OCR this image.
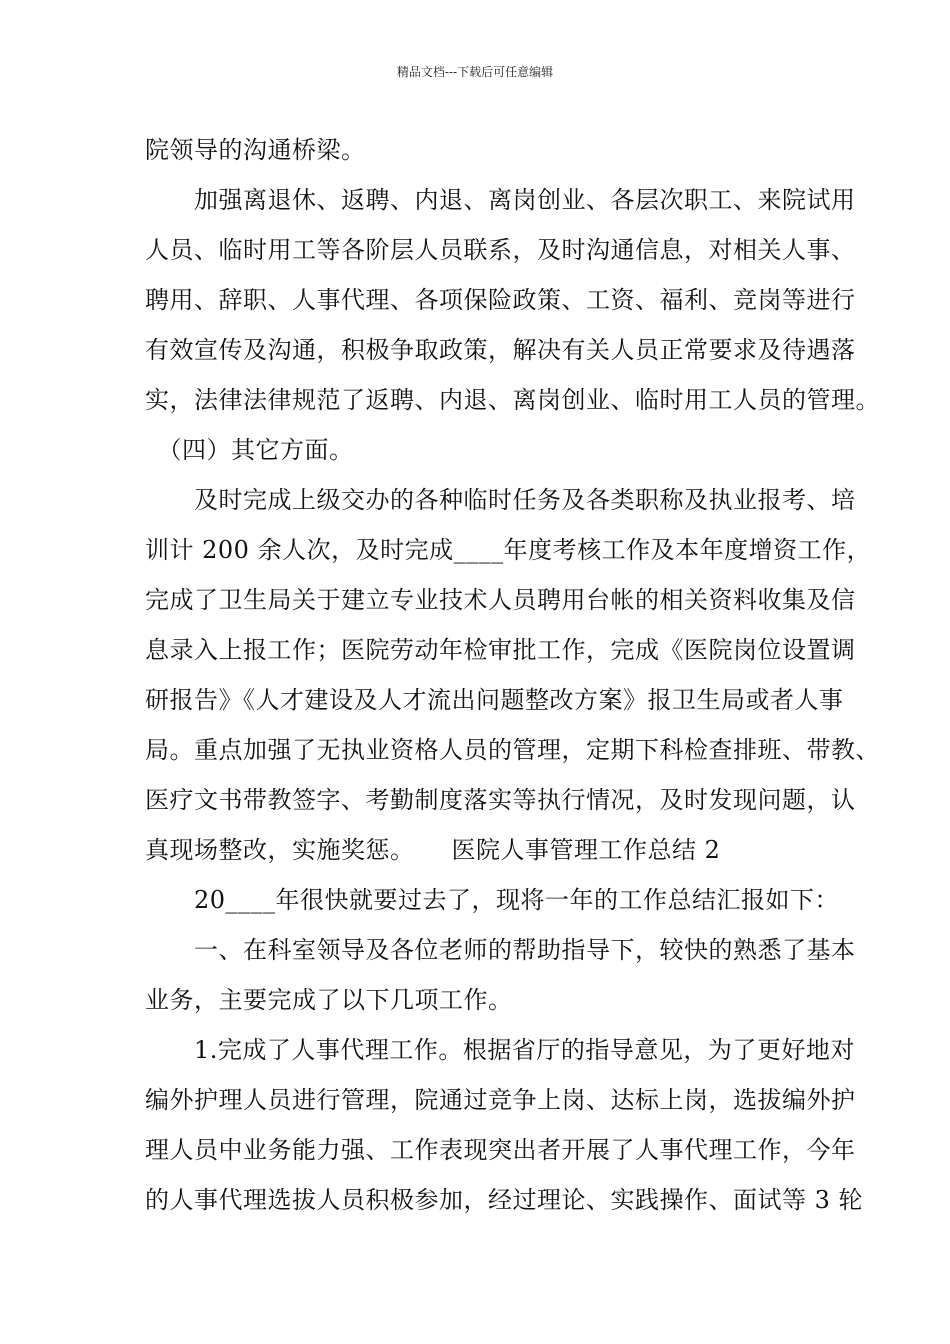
精品文档---下载后可任意编辑
院领导的沟通桥梁。
　　加强离退休、返聘、内退、离岗创业、各层次职工、来院试用
人员、临时用工等各阶层人员联系，及时沟通信息，对相关人事、
聘用、辞职、人事代理、各项保险政策、工资、福利、竞岗等进行
有效宣传及沟通，积极争取政策，解决有关人员正常要求及待遇落
实，法律法律规范了返聘、内退、离岗创业、临时用工人员的管理。
　（四）其它方面。
　　及时完成上级交办的各种临时任务及各类职称及执业报考、培
训计 200 余人次，及时完成____年度考核工作及本年度增资工作，
完成了卫生局关于建立专业技术人员聘用台帐的相关资料收集及信
息录入上报工作；医院劳动年检审批工作，完成《医院岗位设置调
研报告》《人才建设及人才流出问题整改方案》报卫生局或者人事
局。重点加强了无执业资格人员的管理，定期下科检查排班、带教、
医疗文书带教签字、考勤制度落实等执行情况，及时发现问题，认
真现场整改，实施奖惩。　　医院人事管理工作总结 2
　　20____年很快就要过去了，现将一年的工作总结汇报如下：
　　一、在科室领导及各位老师的帮助指导下，较快的熟悉了基本
业务，主要完成了以下几项工作。
　　1.完成了人事代理工作。根据省厅的指导意见，为了更好地对
编外护理人员进行管理，院通过竞争上岗、达标上岗，选拔编外护
理人员中业务能力强、工作表现突出者开展了人事代理工作，今年
的人事代理选拔人员积极参加，经过理论、实践操作、面试等 3 轮
